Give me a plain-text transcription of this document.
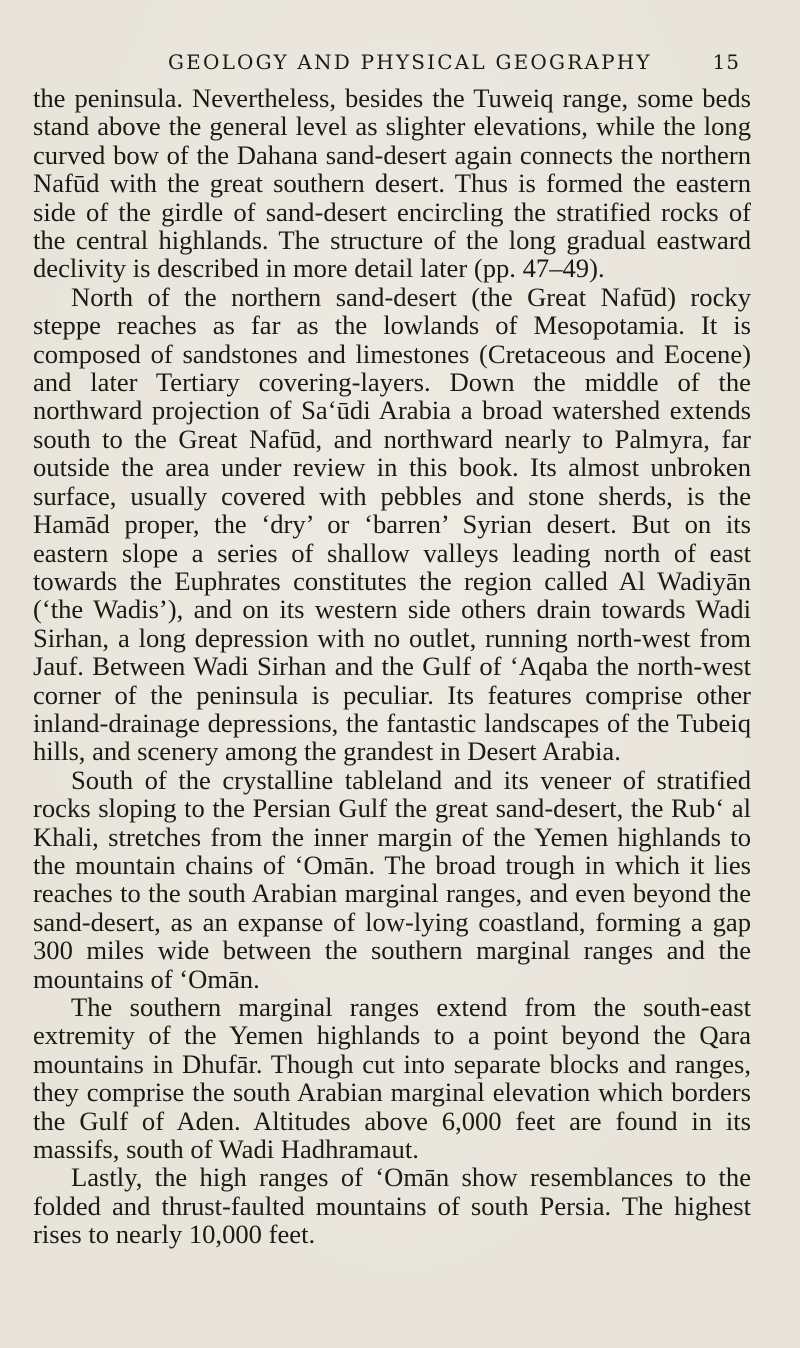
GEOLOGY AND PHYSICAL GEOGRAPHY	15

the peninsula. Nevertheless, besides the Tuweiq range, some beds stand above the general level as slighter elevations, while the long curved bow of the Dahana sand-desert again connects the northern Nafūd with the great southern desert. Thus is formed the eastern side of the girdle of sand-desert encircling the stratified rocks of the central highlands. The structure of the long gradual eastward declivity is described in more detail later (pp. 47–49).

North of the northern sand-desert (the Great Nafūd) rocky steppe reaches as far as the lowlands of Mesopotamia. It is composed of sandstones and limestones (Cretaceous and Eocene) and later Tertiary covering-layers. Down the middle of the northward projection of Sa‘ūdi Arabia a broad watershed extends south to the Great Nafūd, and northward nearly to Palmyra, far outside the area under review in this book. Its almost unbroken surface, usually covered with pebbles and stone sherds, is the Hamād proper, the ‘dry’ or ‘barren’ Syrian desert. But on its eastern slope a series of shallow valleys leading north of east towards the Euphrates constitutes the region called Al Wadiyān (‘the Wadis’), and on its western side others drain towards Wadi Sirhan, a long depression with no outlet, running north-west from Jauf. Between Wadi Sirhan and the Gulf of ‘Aqaba the north-west corner of the peninsula is peculiar. Its features comprise other inland-drainage depressions, the fantastic landscapes of the Tubeiq hills, and scenery among the grandest in Desert Arabia.

South of the crystalline tableland and its veneer of stratified rocks sloping to the Persian Gulf the great sand-desert, the Rub‘ al Khali, stretches from the inner margin of the Yemen highlands to the mountain chains of ‘Omān. The broad trough in which it lies reaches to the south Arabian marginal ranges, and even beyond the sand-desert, as an expanse of low-lying coastland, forming a gap 300 miles wide between the southern marginal ranges and the mountains of ‘Omān.

The southern marginal ranges extend from the south-east extremity of the Yemen highlands to a point beyond the Qara mountains in Dhufār. Though cut into separate blocks and ranges, they comprise the south Arabian marginal elevation which borders the Gulf of Aden. Altitudes above 6,000 feet are found in its massifs, south of Wadi Hadhramaut.

Lastly, the high ranges of ‘Omān show resemblances to the folded and thrust-faulted mountains of south Persia. The highest rises to nearly 10,000 feet.
